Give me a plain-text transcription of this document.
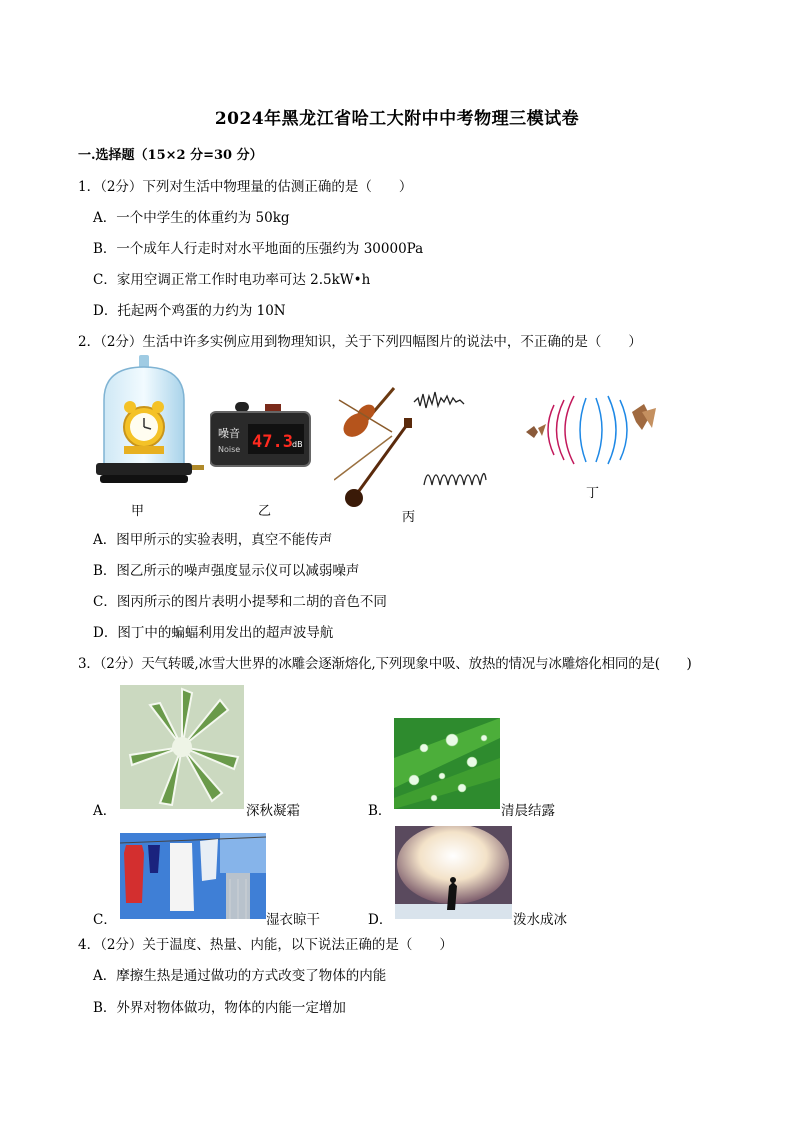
2024年黑龙江省哈工大附中中考物理三模试卷
一.选择题（15×2 分=30 分）
1．（2分）下列对生活中物理量的估测正确的是（　　）
A．一个中学生的体重约为 50kg
B．一个成年人行走时对水平地面的压强约为 30000Pa
C．家用空调正常工作时电功率可达 2.5kW•h
D．托起两个鸡蛋的力约为 10N
2．（2分）生活中许多实例应用到物理知识，关于下列四幅图片的说法中，不正确的是（　　）
甲
噪音
Noise 47.3 dB
乙	丙
丁
A．图甲所示的实验表明，真空不能传声
B．图乙所示的噪声强度显示仪可以减弱噪声
C．图丙所示的图片表明小提琴和二胡的音色不同
D．图丁中的蝙蝠利用发出的超声波导航
3．（2分）天气转暖,冰雪大世界的冰雕会逐渐熔化,下列现象中吸、放热的情况与冰雕熔化相同的是(　　)
A．	深秋凝霜	B．	清晨结露
C．	湿衣晾干	D．	泼水成冰
4．（2分）关于温度、热量、内能，以下说法正确的是（　　）
A．摩擦生热是通过做功的方式改变了物体的内能
B．外界对物体做功，物体的内能一定增加
